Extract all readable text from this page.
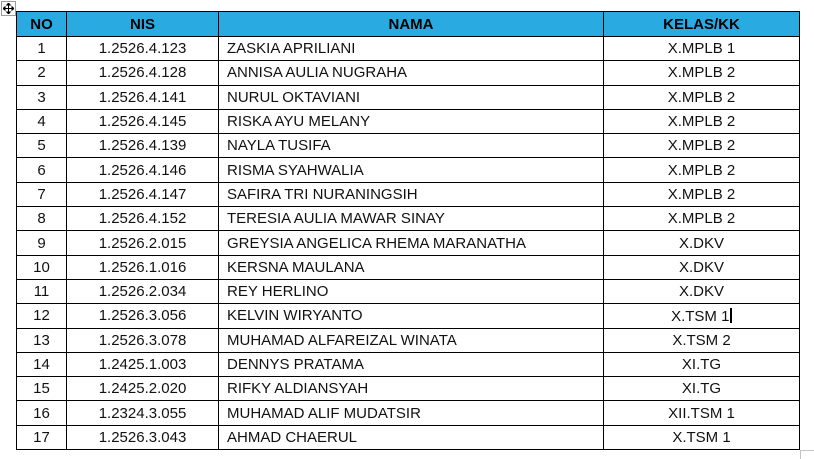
NO	NIS	NAMA	KELAS/KK
1	1.2526.4.123	ZASKIA APRILIANI	X.MPLB 1
2	1.2526.4.128	ANNISA AULIA NUGRAHA	X.MPLB 2
3	1.2526.4.141	NURUL OKTAVIANI	X.MPLB 2
4	1.2526.4.145	RISKA AYU MELANY	X.MPLB 2
5	1.2526.4.139	NAYLA TUSIFA	X.MPLB 2
6	1.2526.4.146	RISMA SYAHWALIA	X.MPLB 2
7	1.2526.4.147	SAFIRA TRI NURANINGSIH	X.MPLB 2
8	1.2526.4.152	TERESIA AULIA MAWAR SINAY	X.MPLB 2
9	1.2526.2.015	GREYSIA ANGELICA RHEMA MARANATHA	X.DKV
10	1.2526.1.016	KERSNA MAULANA	X.DKV
11	1.2526.2.034	REY HERLINO	X.DKV
12	1.2526.3.056	KELVIN WIRYANTO	X.TSM 1
13	1.2526.3.078	MUHAMAD ALFAREIZAL WINATA	X.TSM 2
14	1.2425.1.003	DENNYS PRATAMA	XI.TG
15	1.2425.2.020	RIFKY ALDIANSYAH	XI.TG
16	1.2324.3.055	MUHAMAD ALIF MUDATSIR	XII.TSM 1
17	1.2526.3.043	AHMAD CHAERUL	X.TSM 1
